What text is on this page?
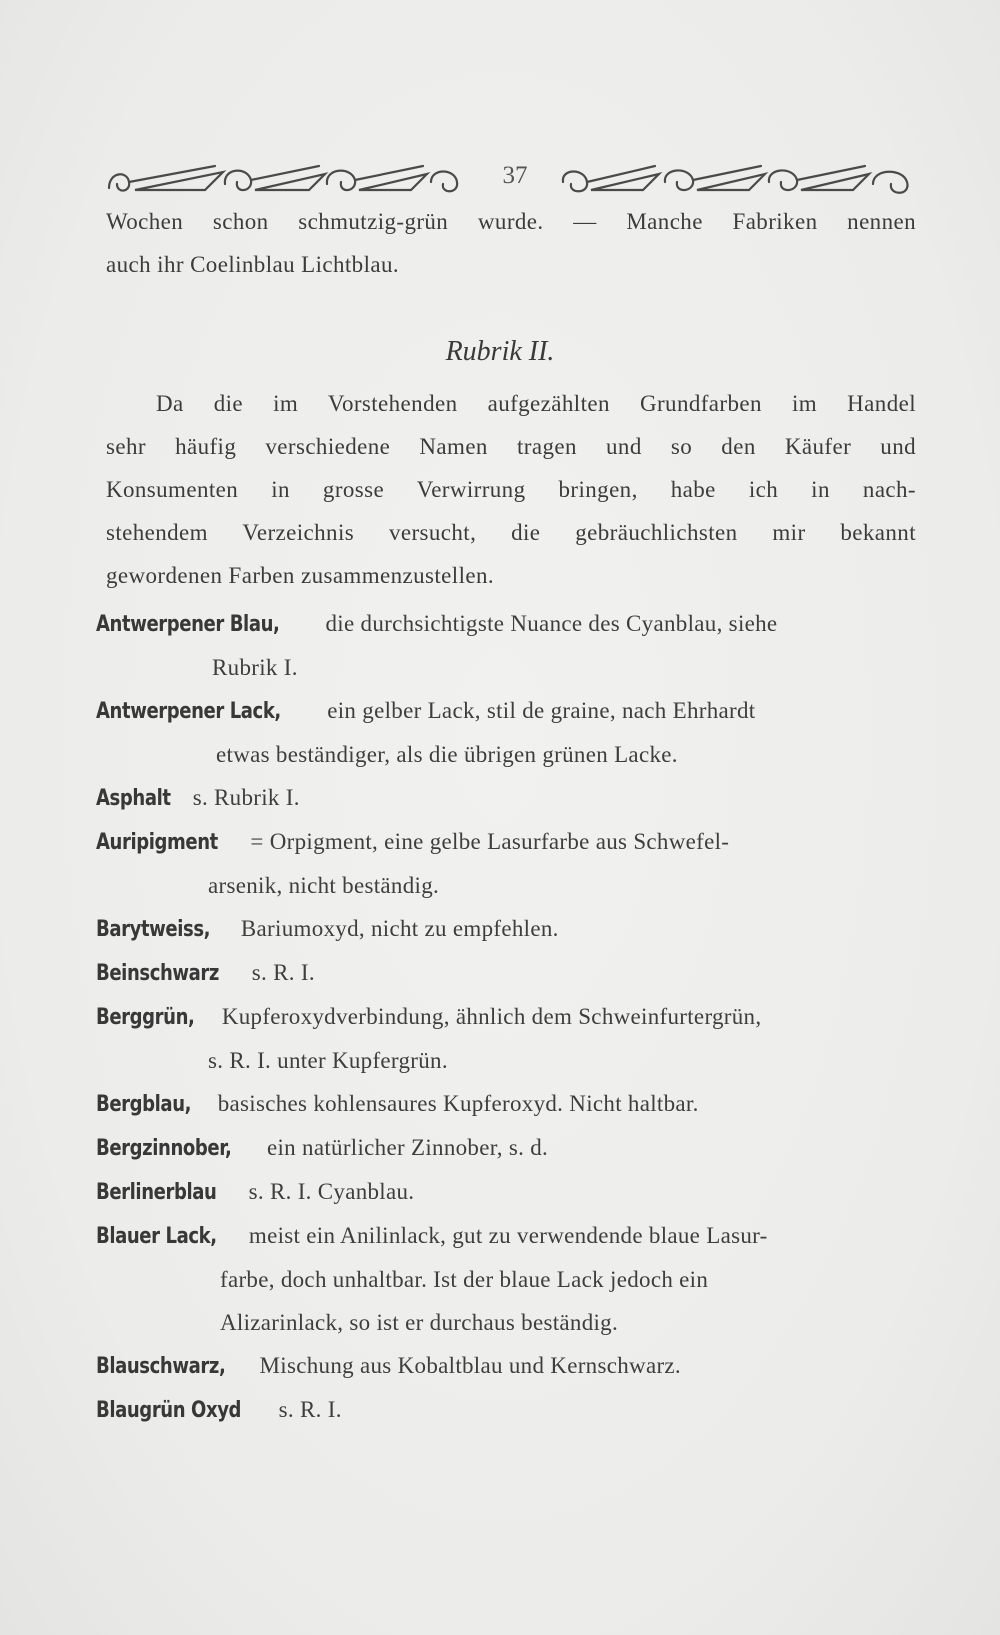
37
Wochen schon schmutzig-grün wurde. — Manche Fabriken nennen
auch ihr Coelinblau Lichtblau.
Rubrik II.
Da die im Vorstehenden aufgezählten Grundfarben im Handel
sehr häufig verschiedene Namen tragen und so den Käufer und
Konsumenten in grosse Verwirrung bringen, habe ich in nach-
stehendem Verzeichnis versucht, die gebräuchlichsten mir bekannt
gewordenen Farben zusammenzustellen.
Antwerpener Blau, die durchsichtigste Nuance des Cyanblau, siehe
Rubrik I.
Antwerpener Lack, ein gelber Lack, stil de graine, nach Ehrhardt
etwas beständiger, als die übrigen grünen Lacke.
Asphalt s. Rubrik I.
Auripigment = Orpigment, eine gelbe Lasurfarbe aus Schwefel-
arsenik, nicht beständig.
Barytweiss, Bariumoxyd, nicht zu empfehlen.
Beinschwarz s. R. I.
Berggrün, Kupferoxydverbindung, ähnlich dem Schweinfurtergrün,
s. R. I. unter Kupfergrün.
Bergblau, basisches kohlensaures Kupferoxyd. Nicht haltbar.
Bergzinnober, ein natürlicher Zinnober, s. d.
Berlinerblau s. R. I. Cyanblau.
Blauer Lack, meist ein Anilinlack, gut zu verwendende blaue Lasur-
farbe, doch unhaltbar. Ist der blaue Lack jedoch ein
Alizarinlack, so ist er durchaus beständig.
Blauschwarz, Mischung aus Kobaltblau und Kernschwarz.
Blaugrün Oxyd s. R. I.
